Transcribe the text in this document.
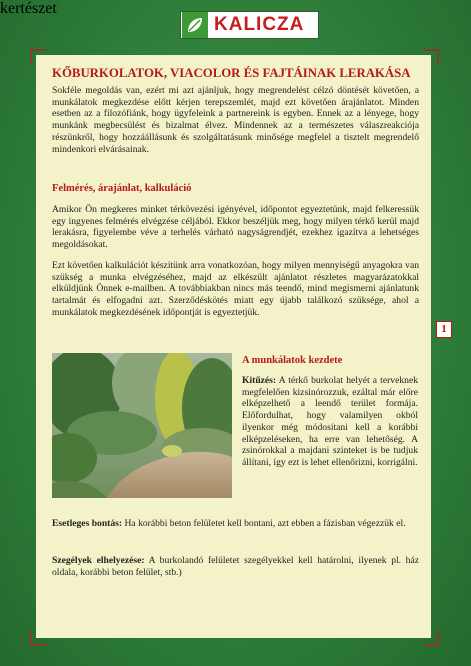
KALICZA
kertészet
KŐBURKOLATOK, VIACOLOR ÉS FAJTÁINAK LERAKÁSA

Sokféle megoldás van, ezért mi azt ajánljuk, hogy megrendelést célzó döntését követően, a munkálatok megkezdése előtt kérjen terepszemlét, majd ezt követően árajánlatot. Minden esetben az a filozófiánk, hogy ügyfeleink a partnereink is egyben. Ennek az a lényege, hogy munkánk megbecsülést és bizalmat élvez. Mindennek az a természetes válaszreakciója részünkről, hogy hozzáállásunk és szolgáltatásunk minősége megfelel a tisztelt megrendelő mindenkori elvárásainak.

Felmérés, árajánlat, kalkuláció

Amikor Ön megkeres minket térkövezési igényével, időpontot egyeztetünk, majd felkeressük egy ingyenes felmérés elvégzése céljából. Ekkor beszéljük meg, hogy milyen térkő kerül majd lerakásra, figyelembe véve a terhelés várható nagyságrendjét, ezekhez igazítva a lehetséges megoldásokat.

Ezt követően kalkulációt készítünk arra vonatkozóan, hogy milyen mennyiségű anyagokra van szükség a munka elvégzéséhez, majd az elkészült ajánlatot részletes magyarázatokkal elküldjünk Önnek e-mailben. A továbbiakban nincs más teendő, mind megismerni ajánlatunk tartalmát és elfogadni azt. Szerződéskötés miatt egy újabb találkozó szüksége, ahol a munkálatok megkezdésének időpontját is egyeztetjük.

A munkálatok kezdete

Kitűzés: A térkő burkolat helyét a terveknek megfelelően kizsinórozzuk, ezáltal már előre elképzelhető a leendő terület formája. Előfordulhat, hogy valamilyen okból ilyenkor még módosítani kell a korábbi elképzeléseken, ha erre van lehetőség. A zsinórokkal a majdani szinteket is be tudjuk állítani, így ezt is lehet ellenőrizni, korrigálni.

Esetleges bontás: Ha korábbi beton felületet kell bontani, azt ebben a fázisban végezzük el.

Szegélyek elhelyezése: A burkolandó felületet szegélyekkel kell határolni, ilyenek pl. ház oldala, korábbi beton felület, stb.)

1
